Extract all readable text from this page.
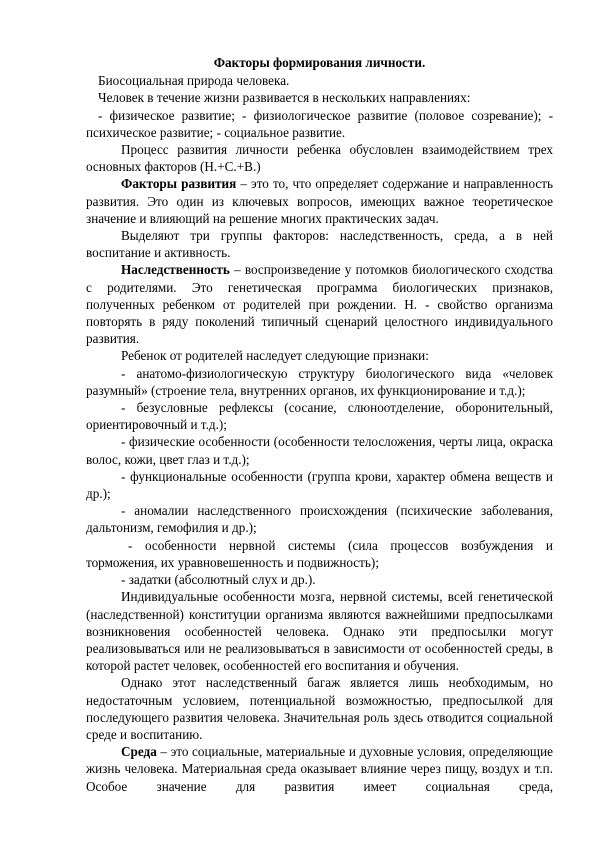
Факторы формирования личности.

Биосоциальная природа человека.

Человек в течение жизни развивается в нескольких направлениях:

- физическое развитие; - физиологическое развитие (половое созревание); - психическое развитие; - социальное развитие.

Процесс развития личности ребенка обусловлен взаимодействием трех основных факторов (Н.+С.+В.)

Факторы развития – это то, что определяет содержание и направленность развития. Это один из ключевых вопросов, имеющих важное теоретическое значение и влияющий на решение многих практических задач.

Выделяют три группы факторов: наследственность, среда, а в ней воспитание и активность.

Наследственность – воспроизведение у потомков биологического сходства с родителями. Это генетическая программа биологических признаков, полученных ребенком от родителей при рождении. Н. - свойство организма повторять в ряду поколений типичный сценарий целостного индивидуального развития.

Ребенок от родителей наследует следующие признаки:

- анатомо-физиологическую структуру биологического вида «человек разумный» (строение тела, внутренних органов, их функционирование и т.д.);

- безусловные рефлексы (сосание, слюноотделение, оборонительный, ориентировочный и т.д.);

- физические особенности (особенности телосложения, черты лица, окраска волос, кожи, цвет глаз и т.д.);

- функциональные особенности (группа крови, характер обмена веществ и др.);

- аномалии наследственного происхождения (психические заболевания, дальтонизм, гемофилия и др.);

- особенности нервной системы (сила процессов возбуждения и торможения, их уравновешенность и подвижность);

- задатки (абсолютный слух и др.).

Индивидуальные особенности мозга, нервной системы, всей генетической (наследственной) конституции организма являются важнейшими предпосылками возникновения особенностей человека. Однако эти предпосылки могут реализовываться или не реализовываться в зависимости от особенностей среды, в которой растет человек, особенностей его воспитания и обучения.

Однако этот наследственный багаж является лишь необходимым, но недостаточным условием, потенциальной возможностью, предпосылкой для последующего развития человека. Значительная роль здесь отводится социальной среде и воспитанию.

Среда – это социальные, материальные и духовные условия, определяющие жизнь человека. Материальная среда оказывает влияние через пищу, воздух и т.п. Особое значение для развития имеет социальная среда,
